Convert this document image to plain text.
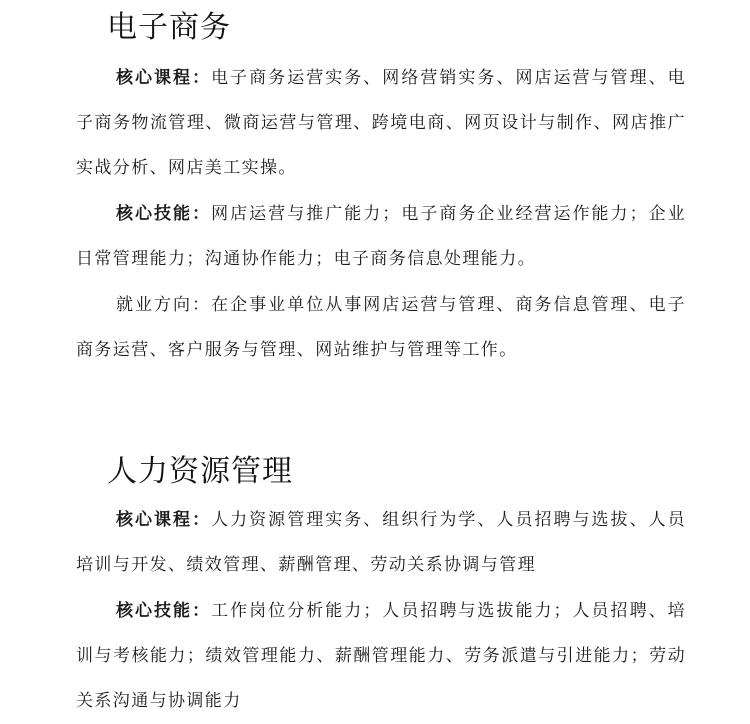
电子商务

核心课程：电子商务运营实务、网络营销实务、网店运营与管理、电子商务物流管理、微商运营与管理、跨境电商、网页设计与制作、网店推广实战分析、网店美工实操。

核心技能：网店运营与推广能力；电子商务企业经营运作能力；企业日常管理能力；沟通协作能力；电子商务信息处理能力。

就业方向：在企事业单位从事网店运营与管理、商务信息管理、电子商务运营、客户服务与管理、网站维护与管理等工作。

人力资源管理

核心课程：人力资源管理实务、组织行为学、人员招聘与选拔、人员培训与开发、绩效管理、薪酬管理、劳动关系协调与管理

核心技能：工作岗位分析能力；人员招聘与选拔能力；人员招聘、培训与考核能力；绩效管理能力、薪酬管理能力、劳务派遣与引进能力；劳动关系沟通与协调能力
